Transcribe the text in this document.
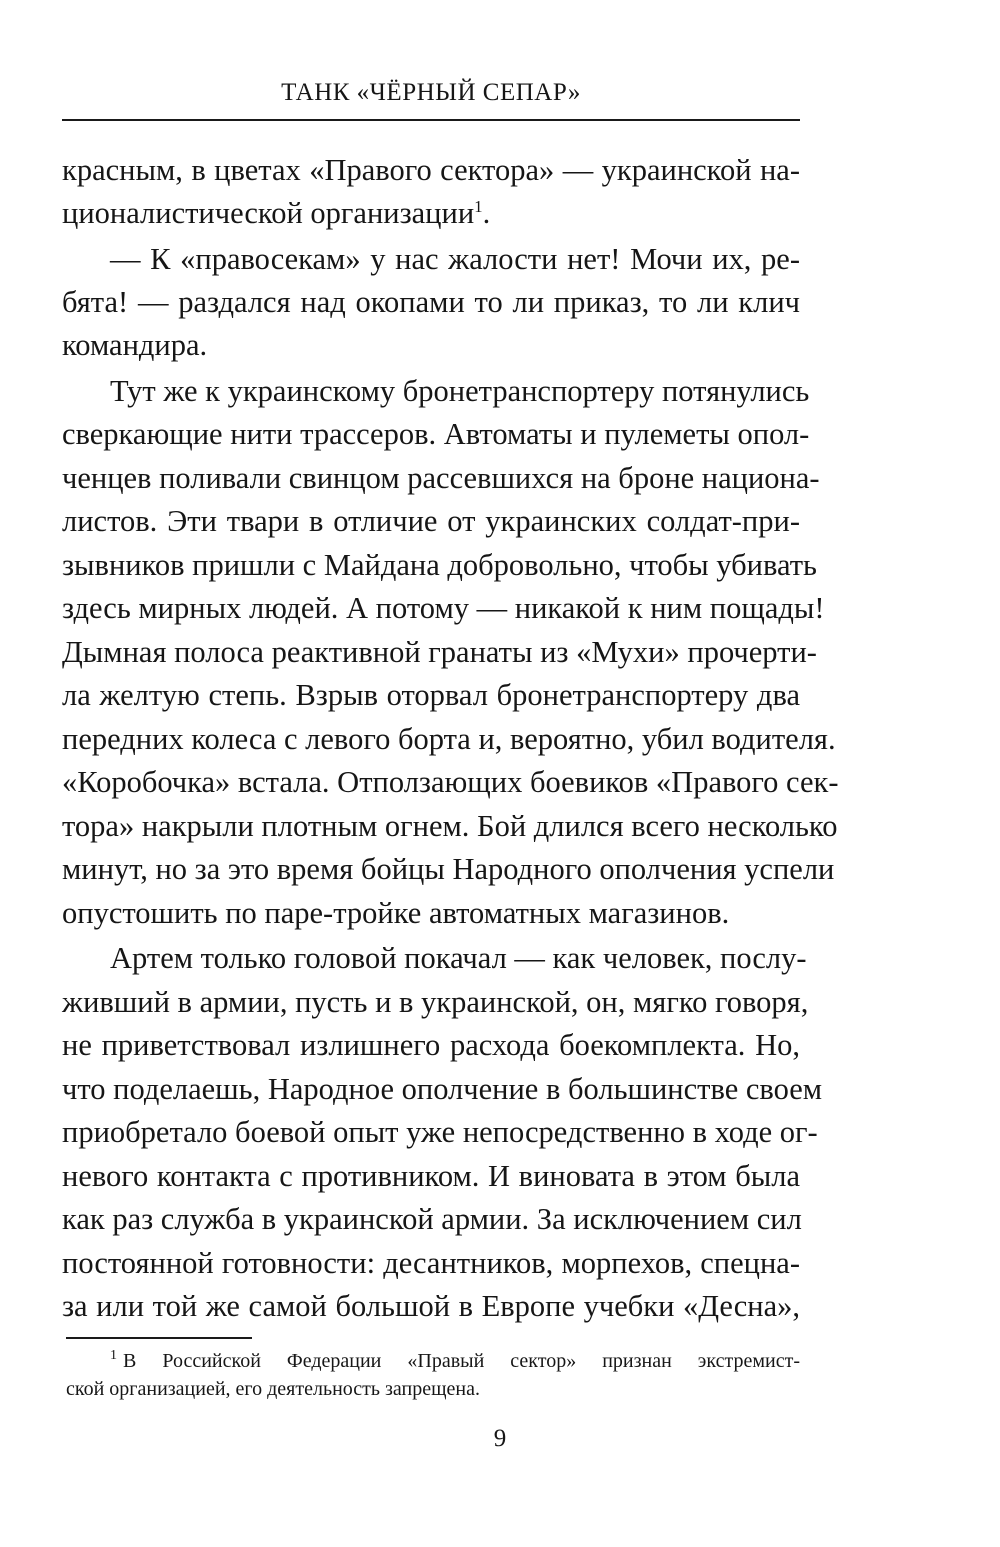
ТАНК «ЧЁРНЫЙ СЕПАР»
красным, в цветах «Правого сектора» — украинской на-
ционалистической организации$^1$.
— К «правосекам» у нас жалости нет! Мочи их, ре-
бята! — раздался над окопами то ли приказ, то ли клич
командира.
Тут же к украинскому бронетранспортеру потянулись
сверкающие нити трассеров. Автоматы и пулеметы опол-
ченцев поливали свинцом рассевшихся на броне национа-
листов. Эти твари в отличие от украинских солдат-при-
зывников пришли с Майдана добровольно, чтобы убивать
здесь мирных людей. А потому — никакой к ним пощады!
Дымная полоса реактивной гранаты из «Мухи» прочерти-
ла желтую степь. Взрыв оторвал бронетранспортеру два
передних колеса с левого борта и, вероятно, убил водителя.
«Коробочка» встала. Отползающих боевиков «Правого сек-
тора» накрыли плотным огнем. Бой длился всего несколько
минут, но за это время бойцы Народного ополчения успели
опустошить по паре-тройке автоматных магазинов.
Артем только головой покачал — как человек, послу-
живший в армии, пусть и в украинской, он, мягко говоря,
не приветствовал излишнего расхода боекомплекта. Но,
что поделаешь, Народное ополчение в большинстве своем
приобретало боевой опыт уже непосредственно в ходе ог-
невого контакта с противником. И виновата в этом была
как раз служба в украинской армии. За исключением сил
постоянной готовности: десантников, морпехов, спецна-
за или той же самой большой в Европе учебки «Десна»,
$^1$ В Российской Федерации «Правый сектор» признан экстремист-
ской организацией, его деятельность запрещена.
9
